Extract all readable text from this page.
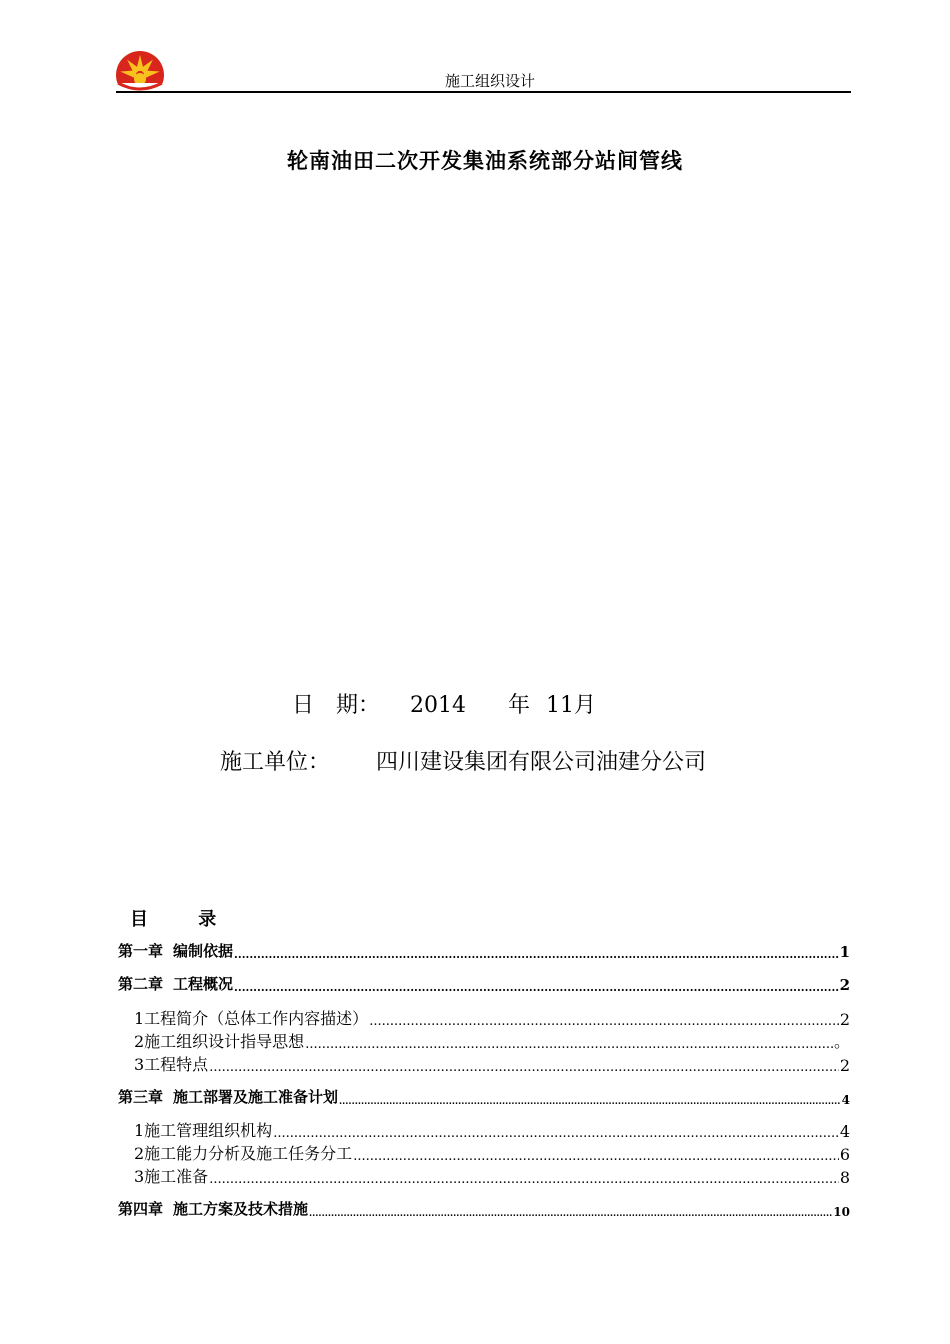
施工组织设计
轮南油田二次开发集油系统部分站间管线
日　期： 2014 年 11月
施工单位： 四川建设集团有限公司油建分公司
目	录
第一章 编制依据 .....	1
第二章 工程概况 .....	2
1工程简介（总体工作内容描述） .....	2
2施工组织设计指导思想 .....	。
3工程特点 .....	2
第三章 施工部署及施工准备计划 .....	4
1施工管理组织机构 .....	4
2施工能力分析及施工任务分工 .....	6
3施工准备 .....	8
第四章 施工方案及技术措施 .....	10
